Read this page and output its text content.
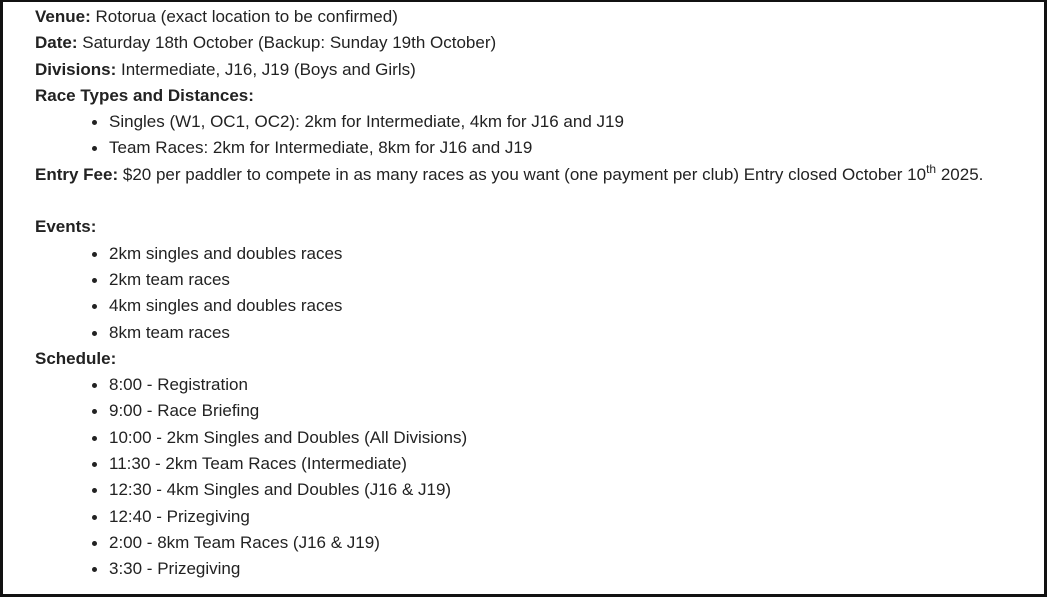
Venue: Rotorua (exact location to be confirmed)
Date: Saturday 18th October (Backup: Sunday 19th October)
Divisions: Intermediate, J16, J19 (Boys and Girls)
Race Types and Distances:
Singles (W1, OC1, OC2): 2km for Intermediate, 4km for J16 and J19
Team Races: 2km for Intermediate, 8km for J16 and J19
Entry Fee: $20 per paddler to compete in as many races as you want (one payment per club) Entry closed October 10th 2025.
Events:
2km singles and doubles races
2km team races
4km singles and doubles races
8km team races
Schedule:
8:00 - Registration
9:00 - Race Briefing
10:00 - 2km Singles and Doubles (All Divisions)
11:30 - 2km Team Races (Intermediate)
12:30 - 4km Singles and Doubles (J16 & J19)
12:40 - Prizegiving
2:00 - 8km Team Races (J16 & J19)
3:30 - Prizegiving
